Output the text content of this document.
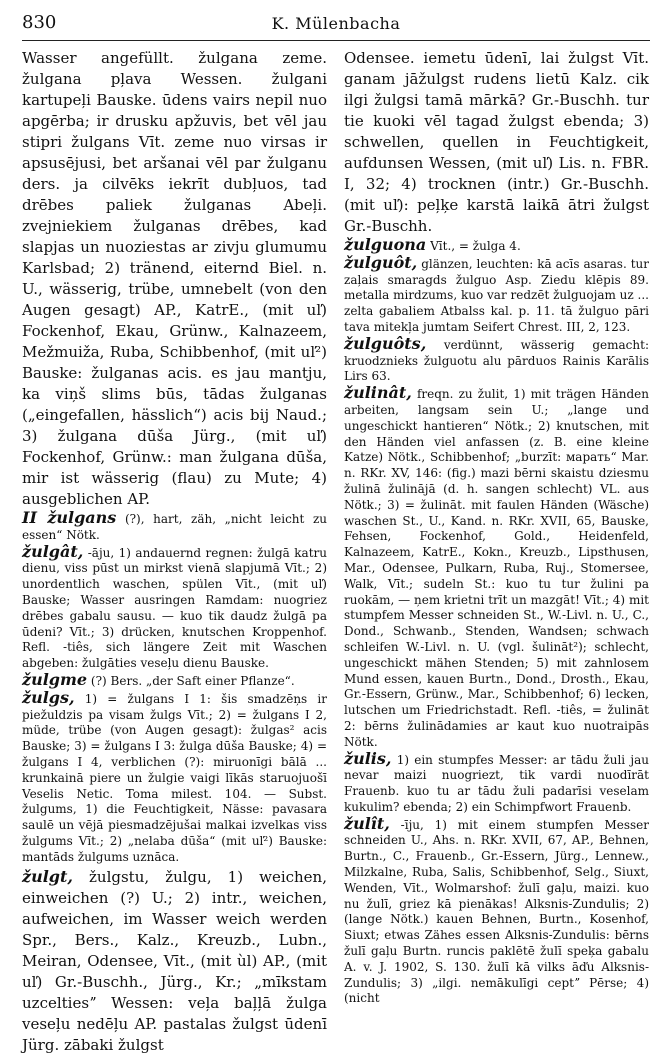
830	K. Mülenbacha

Wasser angefüllt. žulgana zeme. žulgana pļava Wessen. žulgani kartupeļi Bauske. ūdens vairs nepil nuo apgērba; ir drusku apžuvis, bet vēl jau stipri žulgans Vīt. zeme nuo virsas ir apsusējusi, bet aršanai vēl par žulganu ders. ja cilvēks iekrīt dubļuos, tad drēbes paliek žulganas Abeļi. zvejniekiem žulganas drēbes, kad slapjas un nuoziestas ar zivju glumumu Karlsbad; 2) tränend, eiternd Biel. n. U., wässerig, trübe, umnebelt (von den Augen gesagt) AP., KatrE., (mit uľ) Fockenhof, Ekau, Grünw., Kalnazeem, Mežmuiža, Ruba, Schibbenhof, (mit uľ²) Bauske: žulganas acis. es jau mantju, ka viņš slims būs, tādas žulganas („eingefallen, hässlich“) acis bij Naud.; 3) žulgana dūša Jürg., (mit uľ) Fockenhof, Grünw.: man žulgana dūša, mir ist wässerig (flau) zu Mute; 4) ausgeblichen AP.

II žulgans (?), hart, zäh, „nicht leicht zu essen“ Nötk.

žulgât, -āju, 1) andauernd regnen: žulgā katru dienu, viss pūst un mirkst vienā slapjumā Vīt.; 2) unordentlich waschen, spülen Vīt., (mit uľ) Bauske; Wasser ausringen Ramdam: nuogriez drēbes gabalu sausu. — kuo tik daudz žulgā pa ūdeni? Vīt.; 3) drücken, knutschen Kroppenhof. Refl. -tiês, sich längere Zeit mit Waschen abgeben: žulgāties veseļu dienu Bauske.

žulgme (?) Bers. „der Saft einer Pflanze“.

žulgs, 1) = žulgans I 1: šis smadzēņs ir piežuldzis pa visam žulgs Vīt.; 2) = žulgans I 2, müde, trübe (von Augen gesagt): žulgas² acis Bauske; 3) = žulgans I 3: žulga dūša Bauske; 4) = žulgans I 4, verblichen (?): miruonīgi bālā ... krunkainā piere un žulgie vaigi līkās staruojuošī Veselis Netic. Toma milest. 104. — Subst. žulgums, 1) die Feuchtigkeit, Nässe: pavasara saulē un vējā piesmadzējušai malkai izvelkas viss žulgums Vīt.; 2) „nelaba dūša“ (mit uľ²) Bauske: mantāds žulgums uznāca.

žulgt, žulgstu, žulgu, 1) weichen, einweichen (?) U.; 2) intr., weichen, aufweichen, im Wasser weich werden Spr., Bers., Kalz., Kreuzb., Lubn., Meiran, Odensee, Vīt., (mit ùl) AP., (mit uľ) Gr.-Buschh., Jürg., Kr.; „mīkstam uzceltiesˮ Wessen: veļa baļļā žulga veseļu nedēļu AP. pastalas žulgst ūdenī Jürg. zābaki žulgst

Odensee. iemetu ūdenī, lai žulgst Vīt. ganam jāžulgst rudens lietū Kalz. cik ilgi žulgsi tamā mārkā? Gr.-Buschh. tur tie kuoki vēl tagad žulgst ebenda; 3) schwellen, quellen in Feuchtigkeit, aufdunsen Wessen, (mit uľ) Lis. n. FBR. I, 32; 4) trocknen (intr.) Gr.-Buschh. (mit uľ): peļķe karstā laikā ātri žulgst Gr.-Buschh.

žulguona Vīt., = žulga 4.

žulguôt, glänzen, leuchten: kā acīs asaras. tur zaļais smaragds žulguo Asp. Ziedu klēpis 89. metalla mirdzums, kuo var redzēt žulguojam uz ... zelta gabaliem Atbalss kal. p. 11. tā žulguo pāri tava mitekļa jumtam Seifert Chrest. III, 2, 123.

žulguôts, verdünnt, wässerig gemacht: kruodznieks žulguotu alu pārduos Rainis Karālis Lirs 63.

žulinât, freqn. zu žulit, 1) mit trägen Händen arbeiten, langsam sein U.; „lange und ungeschickt hantieren“ Nötk.; 2) knutschen, mit den Händen viel anfassen (z. B. eine kleine Katze) Nötk., Schibbenhof; „burzīt: марать“ Mar. n. RKr. XV, 146: (fig.) mazi bērni skaistu dziesmu žulinā žulinājā (d. h. sangen schlecht) VL. aus Nötk.; 3) = žulināt. mit faulen Händen (Wäsche) waschen St., U., Kand. n. RKr. XVII, 65, Bauske, Fehsen, Fockenhof, Gold., Heidenfeld, Kalnazeem, KatrE., Kokn., Kreuzb., Lipsthusen, Mar., Odensee, Pulkarn, Ruba, Ruj., Stomersee, Walk, Vīt.; sudeln St.: kuo tu tur žulini pa ruokām, — ņem krietni trīt un mazgāt! Vīt.; 4) mit stumpfem Messer schneiden St., W.-Livl. n. U., C., Dond., Schwanb., Stenden, Wandsen; schwach schleifen W.-Livl. n. U. (vgl. šulināt²); schlecht, ungeschickt mähen Stenden; 5) mit zahnlosem Mund essen, kauen Burtn., Dond., Drosth., Ekau, Gr.-Essern, Grünw., Mar., Schibbenhof; 6) lecken, lutschen um Friedrichstadt. Refl. -tiês, = žulināt 2: bērns žulinādamies ar kaut kuo nuotraipās Nötk.

žulis, 1) ein stumpfes Messer: ar tādu žuli jau nevar maizi nuogriezt, tik vardi nuodīrāt Frauenb. kuo tu ar tādu žuli padarīsi veselam kukulim? ebenda; 2) ein Schimpfwort Frauenb.

žulît, -īju, 1) mit einem stumpfen Messer schneiden U., Ahs. n. RKr. XVII, 67, AP., Behnen, Burtn., C., Frauenb., Gr.-Essern, Jürg., Lennew., Milzkalne, Ruba, Salis, Schibbenhof, Selg., Siuxt, Wenden, Vīt., Wolmarshof: žulī gaļu, maizi. kuo nu žulī, griez kā pienākas! Alksnis-Zundulis; 2) (lange Nötk.) kauen Behnen, Burtn., Kosenhof, Siuxt; etwas Zähes essen Alksnis-Zundulis: bērns žulī gaļu Burtn. runcis paklētē žulī speķa gabalu A. v. J. 1902, S. 130. žulī kā vilks āďu Alksnis-Zundulis; 3) „ilgi. nemākulīgi ceptˮ Pērse; 4) (nicht
